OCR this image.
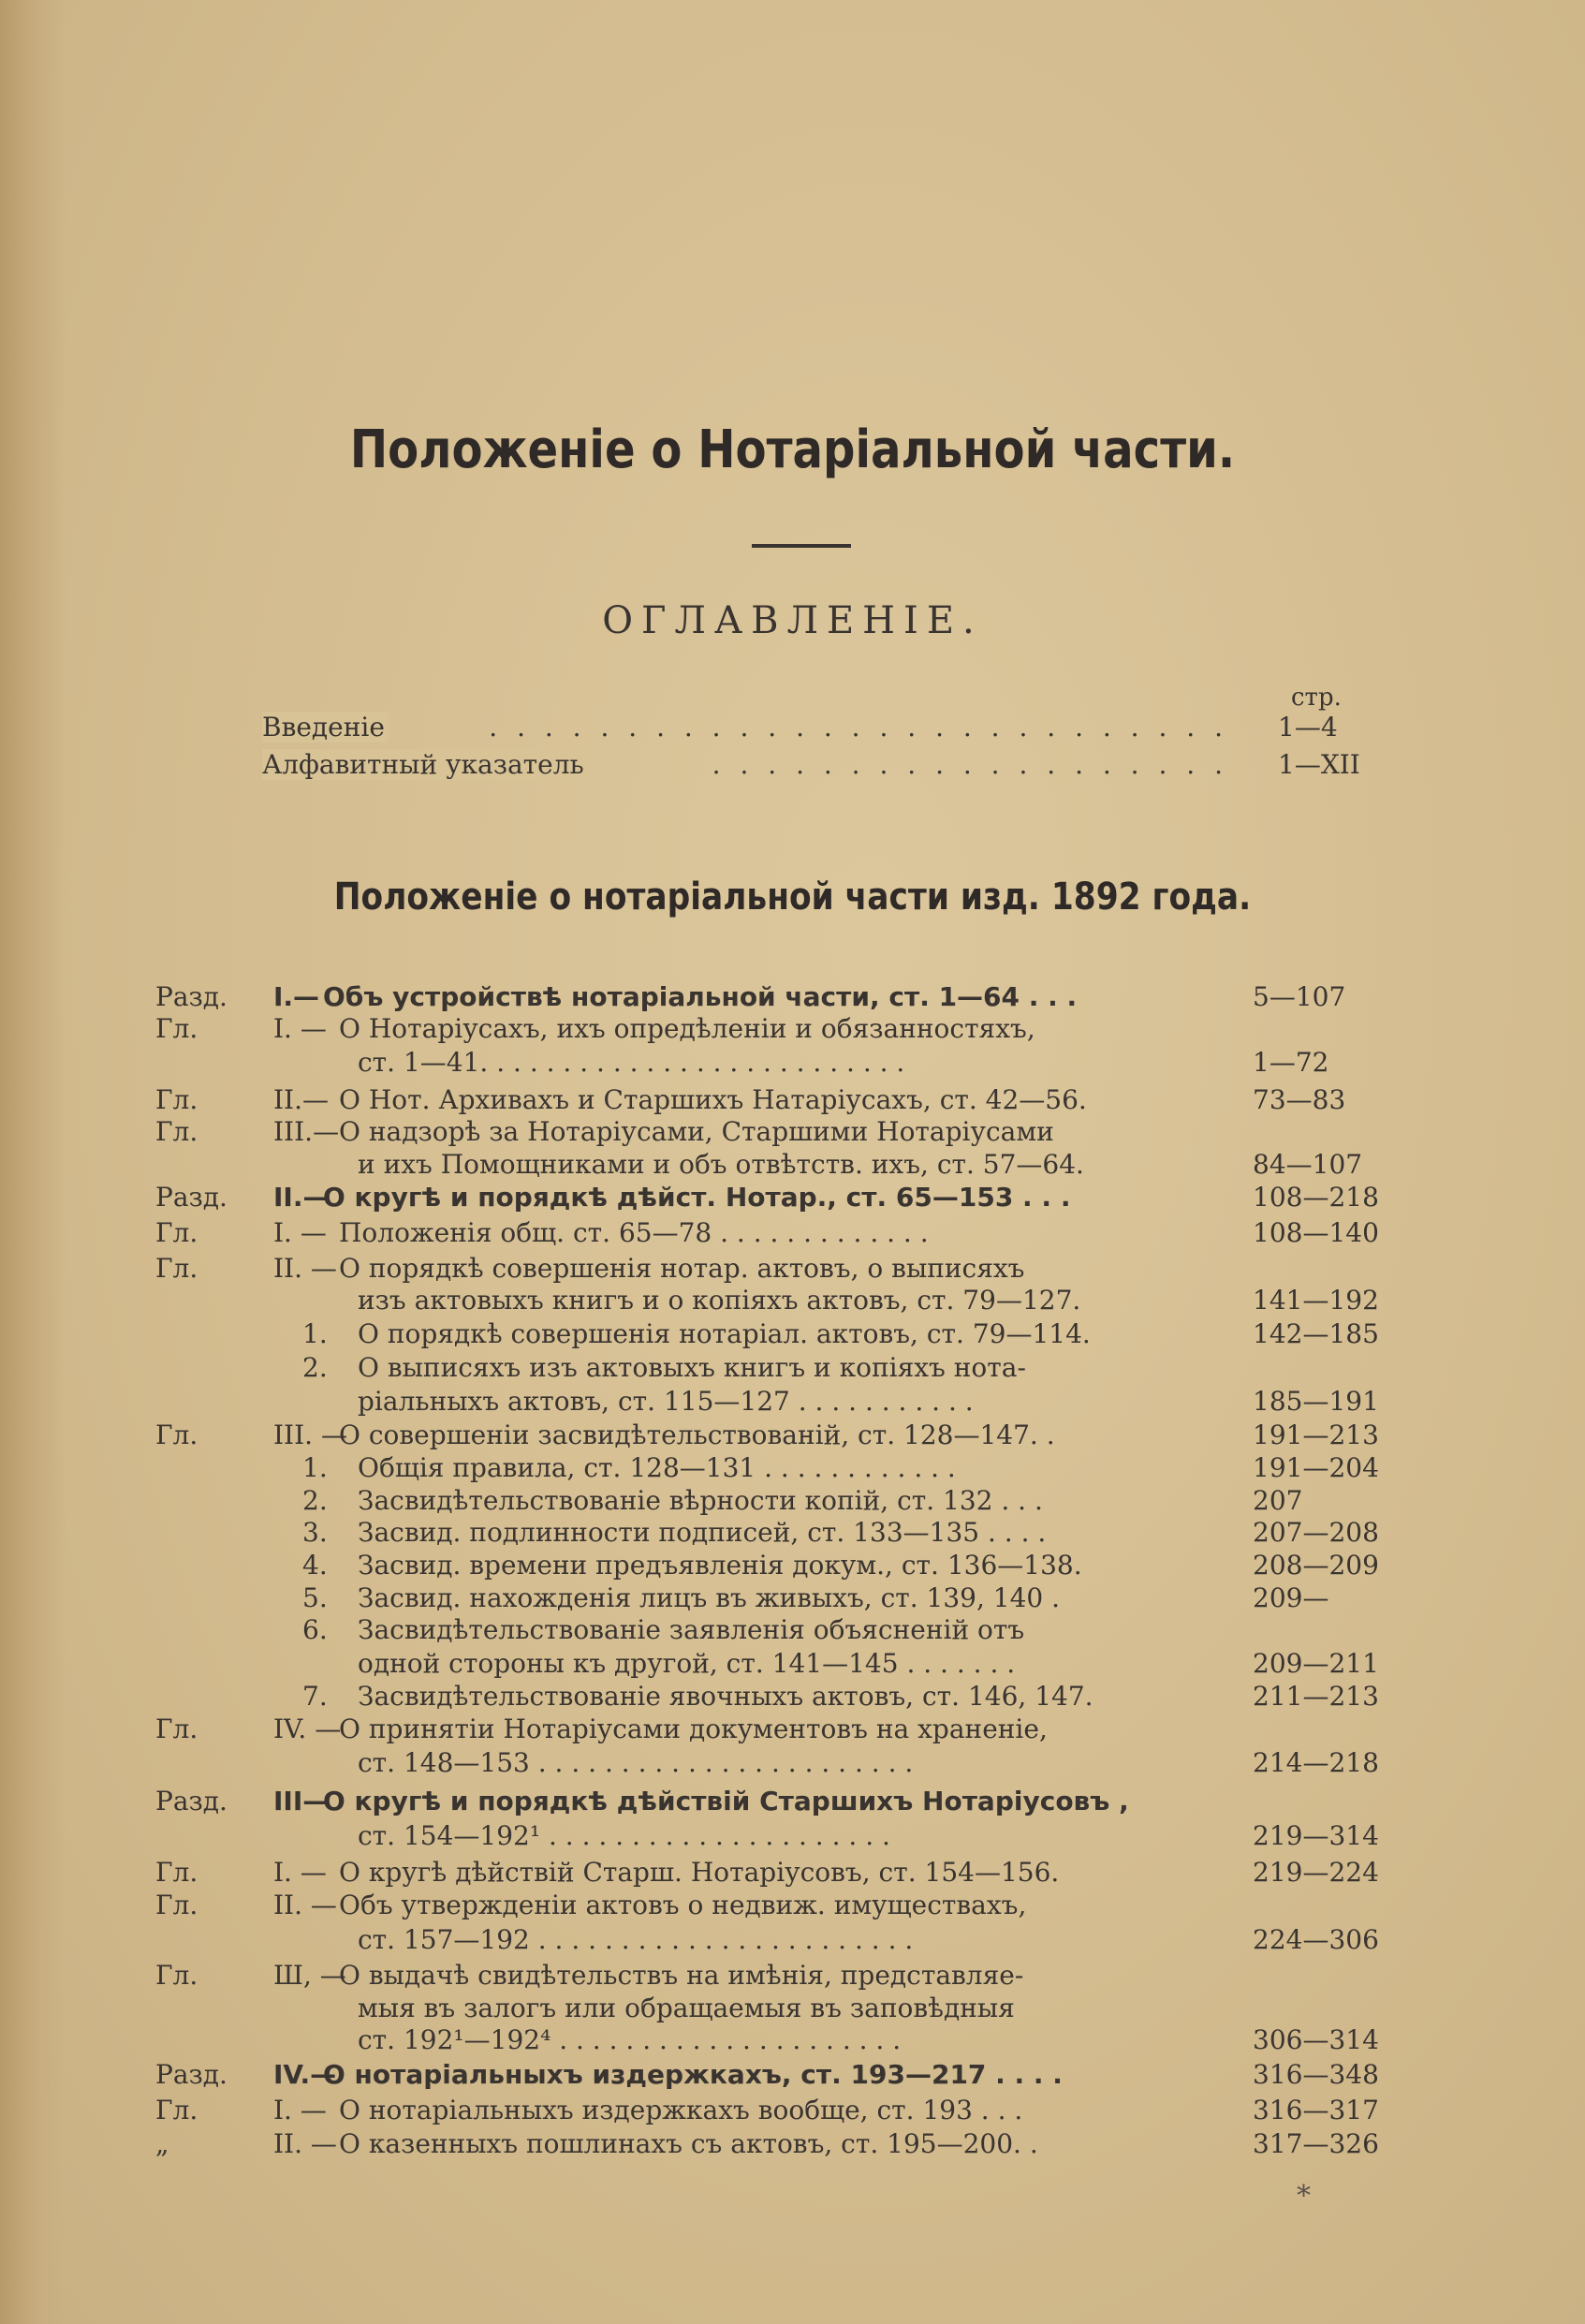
Положеніе о Нотаріальной части.
ОГЛАВЛЕНІЕ.
стр.
. . . . . . . . . . . . . . . . . . . . . . . . . . .
Введеніе	1—4
. . . . . . . . . . . . . . . . . . .
Алфавитный указатель	1—XII
Положеніе о нотаріальной части изд. 1892 года.
Разд. I.— Объ устройствѣ нотаріальной части, ст. 1—64 . . .	5—107
Гл.	I. — О Нотаріусахъ, ихъ опредѣленіи и обязанностяхъ,
ст. 1—41. . . . . . . . . . . . . . . . . . . . . . . . . .	1—72
Гл.	II.— О Нот. Архивахъ и Старшихъ Натаріусахъ, ст. 42—56.	73—83
Гл.	III.— О надзорѣ за Нотаріусами, Старшими Нотаріусами
и ихъ Помощниками и объ отвѣтств. ихъ, ст. 57—64.	84—107
Разд. II.—
О кругѣ и порядкѣ дѣйст. Нотар., ст. 65—153 . . .	108—218
Гл.	I. — Положенія общ. ст. 65—78 . . . . . . . . . . . . .	108—140
Гл.	II. — О порядкѣ совершенія нотар. актовъ, о выписяхъ
изъ актовыхъ книгъ и о копіяхъ актовъ, ст. 79—127.	141—192
1. О порядкѣ совершенія нотаріал. актовъ, ст. 79—114.	142—185
2. О выписяхъ изъ актовыхъ книгъ и копіяхъ нота-
ріальныхъ актовъ, ст. 115—127 . . . . . . . . . . .	185—191
Гл.	III. —
О совершеніи засвидѣтельствованій, ст. 128—147. .	191—213
1. Общія правила, ст. 128—131 . . . . . . . . . . . .	191—204
2. Засвидѣтельствованіе вѣрности копій, ст. 132 . . .	207
3. Засвид. подлинности подписей, ст. 133—135 . . . .	207—208
4. Засвид. времени предъявленія докум., ст. 136—138.	208—209
5. Засвид. нахожденія лицъ въ живыхъ, ст. 139, 140 .	209—
6. Засвидѣтельствованіе заявленія объясненій отъ
одной стороны къ другой, ст. 141—145 . . . . . . .	209—211
7. Засвидѣтельствованіе явочныхъ актовъ, ст. 146, 147.	211—213
Гл.	IV. —
О принятіи Нотаріусами документовъ на храненіе,
ст. 148—153 . . . . . . . . . . . . . . . . . . . . . . .	214—218
Разд. III—
О кругѣ и порядкѣ дѣйствій Старшихъ Нотаріусовъ ,
ст. 154—192¹ . . . . . . . . . . . . . . . . . . . . .	219—314
Гл.	I. — О кругѣ дѣйствій Старш. Нотаріусовъ, ст. 154—156.	219—224
Гл.	II. — Объ утвержденіи актовъ о недвиж. имуществахъ,
ст. 157—192 . . . . . . . . . . . . . . . . . . . . . . .	224—306
Гл.	Ш, —
О выдачѣ свидѣтельствъ на имѣнія, представляе-
мыя въ залогъ или обращаемыя въ заповѣдныя
ст. 192¹—192⁴ . . . . . . . . . . . . . . . . . . . . .	306—314
Разд. IV.—
О нотаріальныхъ издержкахъ, ст. 193—217 . . . .	316—348
Гл.	I. — О нотаріальныхъ издержкахъ вообще, ст. 193 . . .	316—317
„	II. — О казенныхъ пошлинахъ съ актовъ, ст. 195—200. .	317—326
*
